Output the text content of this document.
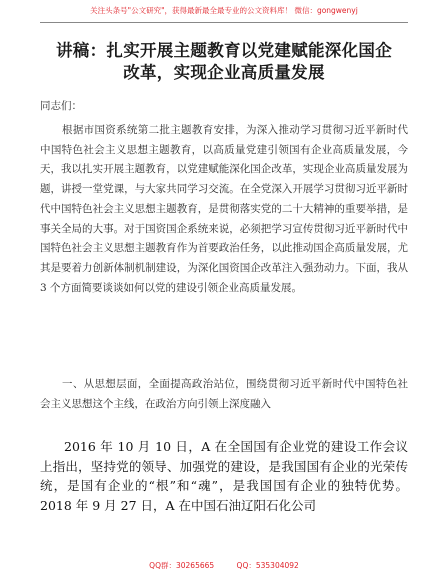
关注头条号"公文研究"，获得最新最全最专业的公文资料库！ 微信：gongwenyj
讲稿：扎实开展主题教育以党建赋能深化国企
改革，实现企业高质量发展
同志们：

根据市国资系统第二批主题教育安排，为深入推动学习贯彻习近平新时代中国特色社会主义思想主题教育，以高质量党建引领国有企业高质量发展，今天，我以扎实开展主题教育，以党建赋能深化国企改革，实现企业高质量发展为题，讲授一堂党课，与大家共同学习交流。在全党深入开展学习贯彻习近平新时代中国特色社会主义思想主题教育，是贯彻落实党的二十大精神的重要举措，是事关全局的大事。对于国资国企系统来说，必须把学习宣传贯彻习近平新时代中国特色社会主义思想主题教育作为首要政治任务，以此推动国企高质量发展，尤其是要着力创新体制机制建设，为深化国资国企改革注入强劲动力。下面，我从 3 个方面简要谈谈如何以党的建设引领企业高质量发展。

一、从思想层面，全面提高政治站位，围绕贯彻习近平新时代中国特色社会主义思想这个主线，在政治方向引领上深度融入

2016 年 10 月 10 日，A 在全国国有企业党的建设工作会议上指出，坚持党的领导、加强党的建设，是我国国有企业的光荣传统，是国有企业的“根”和“魂”，是我国国有企业的独特优势。2018 年 9 月 27 日，A 在中国石油辽阳石化公司

QQ群：30265665	QQ：535304092
